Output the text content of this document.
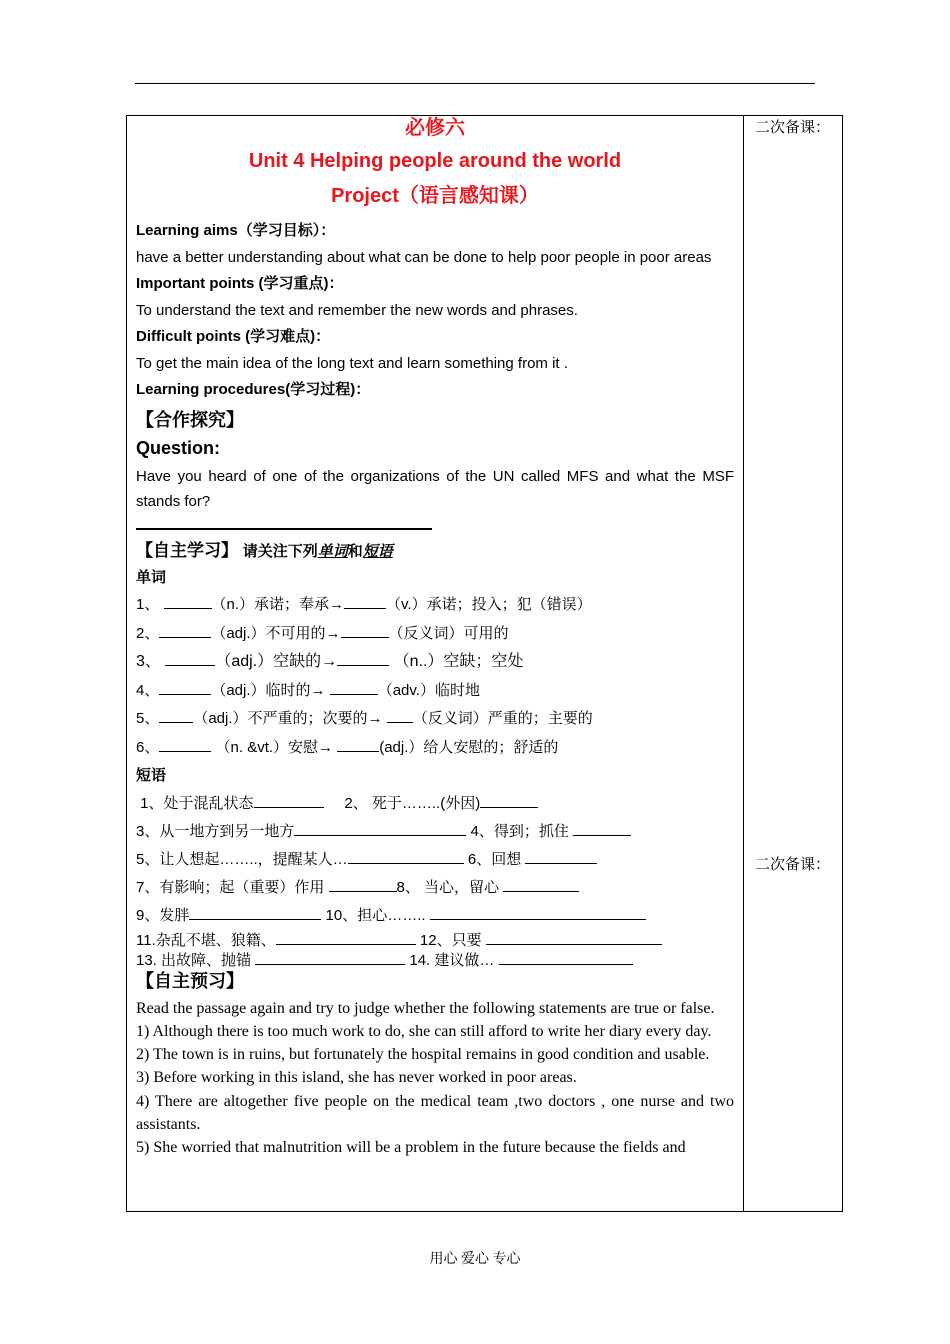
二次备课：
二次备课：
必修六
Unit 4 Helping people around the world
Project（语言感知课）
Learning aims（学习目标）：
have a better understanding about what can be done to help poor people in poor areas
Important points (学习重点)：
To understand the text and remember the new words and phrases.
Difficult points (学习难点)：
To get the main idea of the long text and learn something from it .
Learning procedures(学习过程)：
【合作探究】
Question:
Have you heard of one of the organizations of the UN called MFS and what the MSF stands for?
【自主学习】 请关注下列单词和短语
单词
1、	（n.）承诺；奉承→	（v.）承诺；投入；犯（错误）
2、	（adj.）不可用的→	（反义词）可用的
3、	（adj.）空缺的→	（n..）空缺；空处
4、	（adj.）临时的→	（adv.）临时地
5、 （adj.）不严重的；次要的→ （反义词）严重的；主要的
6、	（n. &vt.）安慰→	(adj.）给人安慰的；舒适的
短语
1、处于混乱状态	2、 死于……..(外因)
3、从一地方到另一地方	4、得到；抓住
5、让人想起……..，提醒某人…	6、回想
7、有影响；起（重要）作用	8、 当心，留心
9、发胖	10、担心……..
11.杂乱不堪、狼籍、	12、只要
13. 出故障、抛锚	14. 建议做…
【自主预习】
Read the passage again and try to judge whether the following statements are true or false.
1) Although there is too much work to do, she can still afford to write her diary every day.
2) The town is in ruins, but fortunately the hospital remains in good condition and usable.
3) Before working in this island, she has never worked in poor areas.
4) There are altogether five people on the medical team ,two doctors , one nurse and two assistants.
5) She worried that malnutrition will be a problem in the future because the fields and
用心 爱心 专心
